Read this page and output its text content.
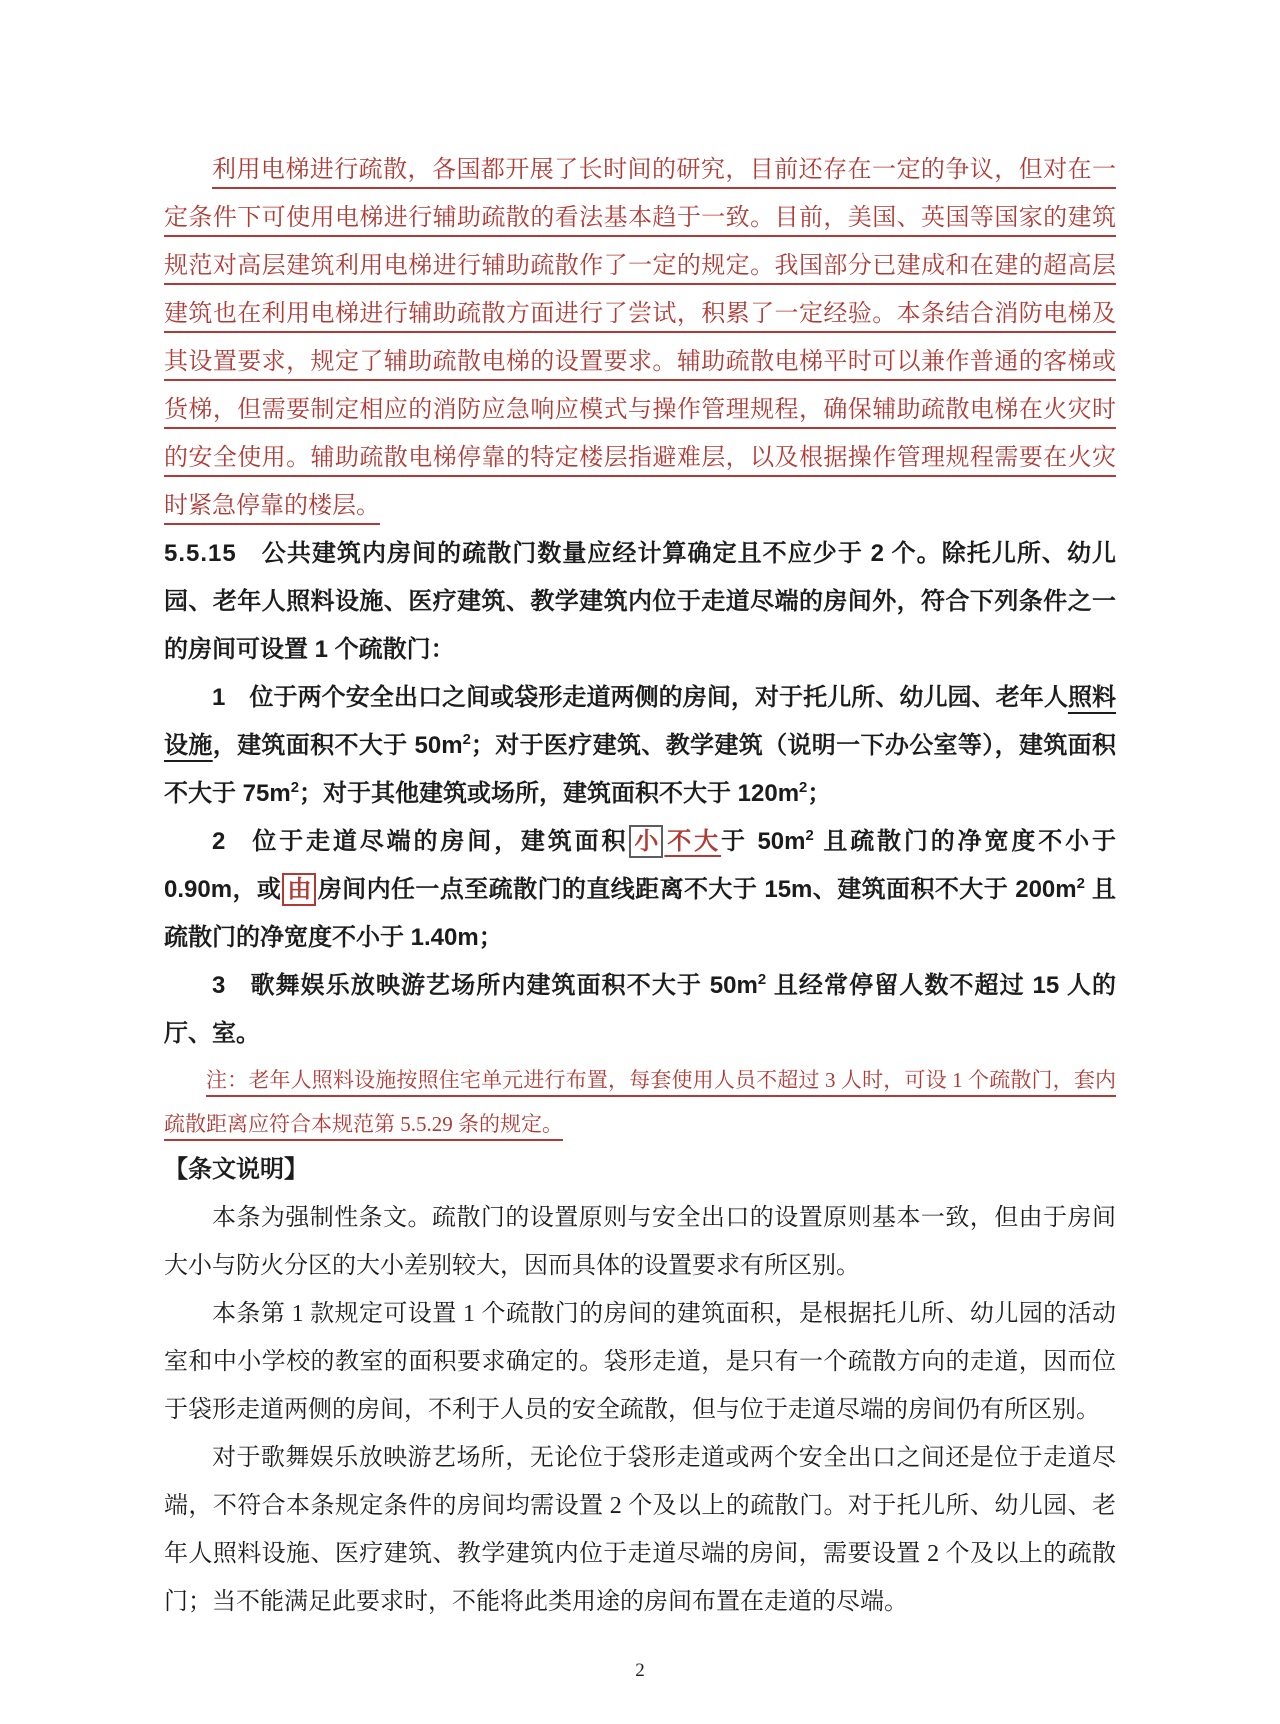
利用电梯进行疏散，各国都开展了长时间的研究，目前还存在一定的争议，但对在一定条件下可使用电梯进行辅助疏散的看法基本趋于一致。目前，美国、英国等国家的建筑规范对高层建筑利用电梯进行辅助疏散作了一定的规定。我国部分已建成和在建的超高层建筑也在利用电梯进行辅助疏散方面进行了尝试，积累了一定经验。本条结合消防电梯及其设置要求，规定了辅助疏散电梯的设置要求。辅助疏散电梯平时可以兼作普通的客梯或货梯，但需要制定相应的消防应急响应模式与操作管理规程，确保辅助疏散电梯在火灾时的安全使用。辅助疏散电梯停靠的特定楼层指避难层，以及根据操作管理规程需要在火灾时紧急停靠的楼层。

5.5.15 公共建筑内房间的疏散门数量应经计算确定且不应少于 2 个。除托儿所、幼儿园、老年人照料设施、医疗建筑、教学建筑内位于走道尽端的房间外，符合下列条件之一的房间可设置 1 个疏散门：

1 位于两个安全出口之间或袋形走道两侧的房间，对于托儿所、幼儿园、老年人照料设施，建筑面积不大于 $50m^2$；对于医疗建筑、教学建筑（说明一下办公室等），建筑面积不大于 $75m^2$；对于其他建筑或场所，建筑面积不大于 $120m^2$；

2 位于走道尽端的房间，建筑面积 小 不大于 $50m^2$ 且疏散门的净宽度不小于 0.90m，或 由 房间内任一点至疏散门的直线距离不大于 15m、建筑面积不大于 $200m^2$ 且疏散门的净宽度不小于 1.40m；

3 歌舞娱乐放映游艺场所内建筑面积不大于 $50m^2$ 且经常停留人数不超过 15 人的厅、室。

注：老年人照料设施按照住宅单元进行布置，每套使用人员不超过 3 人时，可设 1 个疏散门，套内疏散距离应符合本规范第 5.5.29 条的规定。

【条文说明】

本条为强制性条文。疏散门的设置原则与安全出口的设置原则基本一致，但由于房间大小与防火分区的大小差别较大，因而具体的设置要求有所区别。

本条第 1 款规定可设置 1 个疏散门的房间的建筑面积，是根据托儿所、幼儿园的活动室和中小学校的教室的面积要求确定的。袋形走道，是只有一个疏散方向的走道，因而位于袋形走道两侧的房间，不利于人员的安全疏散，但与位于走道尽端的房间仍有所区别。

对于歌舞娱乐放映游艺场所，无论位于袋形走道或两个安全出口之间还是位于走道尽端，不符合本条规定条件的房间均需设置 2 个及以上的疏散门。对于托儿所、幼儿园、老年人照料设施、医疗建筑、教学建筑内位于走道尽端的房间，需要设置 2 个及以上的疏散门；当不能满足此要求时，不能将此类用途的房间布置在走道的尽端。

2
